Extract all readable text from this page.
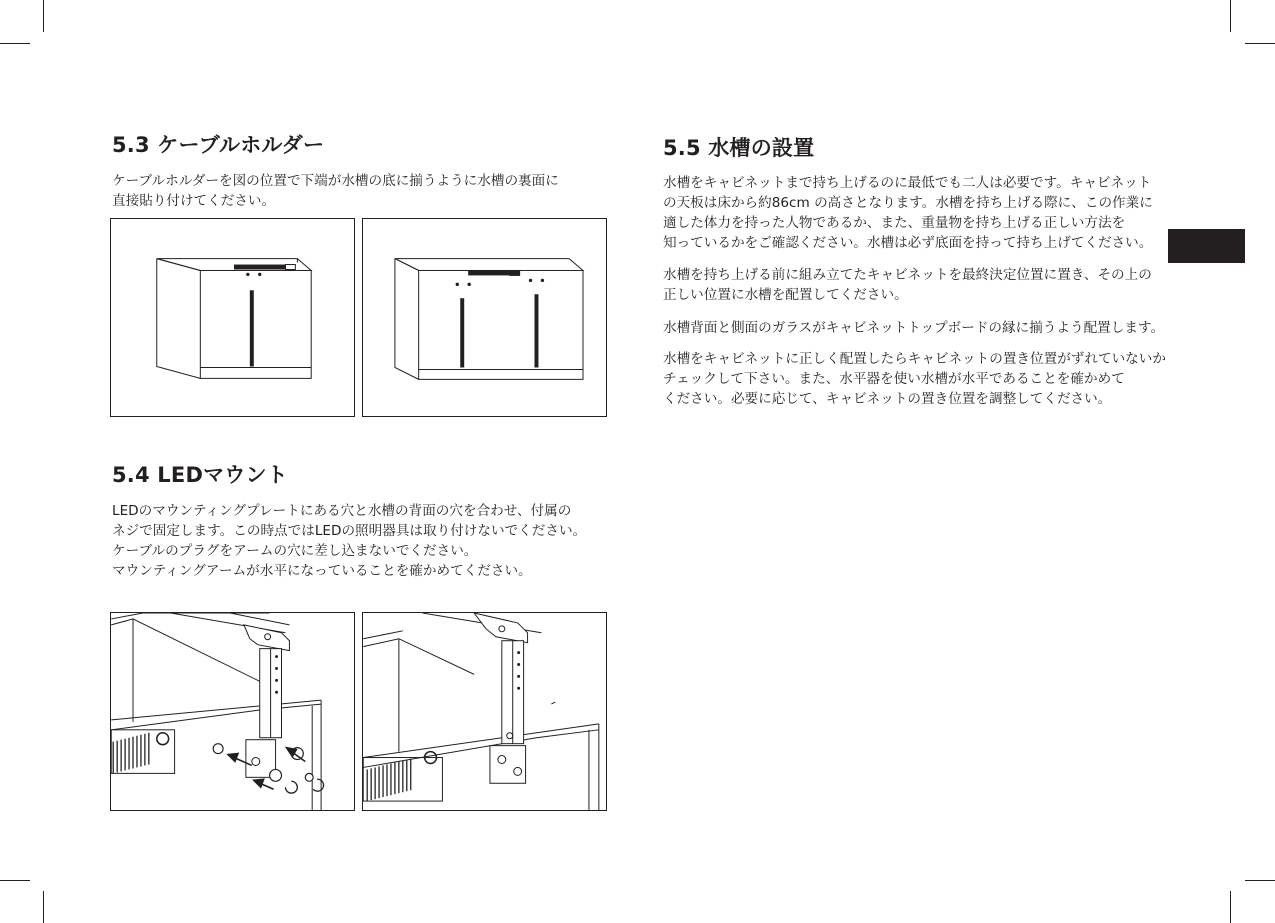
5.3 ケーブルホルダー
ケーブルホルダーを図の位置で下端が水槽の底に揃うように水槽の裏面に
直接貼り付けてください。
5.4 LEDマウント
LEDのマウンティングプレートにある穴と水槽の背面の穴を合わせ、付属の
ネジで固定します。この時点ではLEDの照明器具は取り付けないでください。
ケーブルのプラグをアームの穴に差し込まないでください。
マウンティングアームが水平になっていることを確かめてください。
5.5 水槽の設置
水槽をキャビネットまで持ち上げるのに最低でも二人は必要です。キャビネット
の天板は床から約86cm の高さとなります。水槽を持ち上げる際に、この作業に
適した体力を持った人物であるか、また、重量物を持ち上げる正しい方法を
知っているかをご確認ください。水槽は必ず底面を持って持ち上げてください。
水槽を持ち上げる前に組み立てたキャビネットを最終決定位置に置き、その上の
正しい位置に水槽を配置してください。
水槽背面と側面のガラスがキャビネットトップボードの縁に揃うよう配置します。
水槽をキャビネットに正しく配置したらキャビネットの置き位置がずれていないか
チェックして下さい。また、水平器を使い水槽が水平であることを確かめて
ください。必要に応じて、キャビネットの置き位置を調整してください。
